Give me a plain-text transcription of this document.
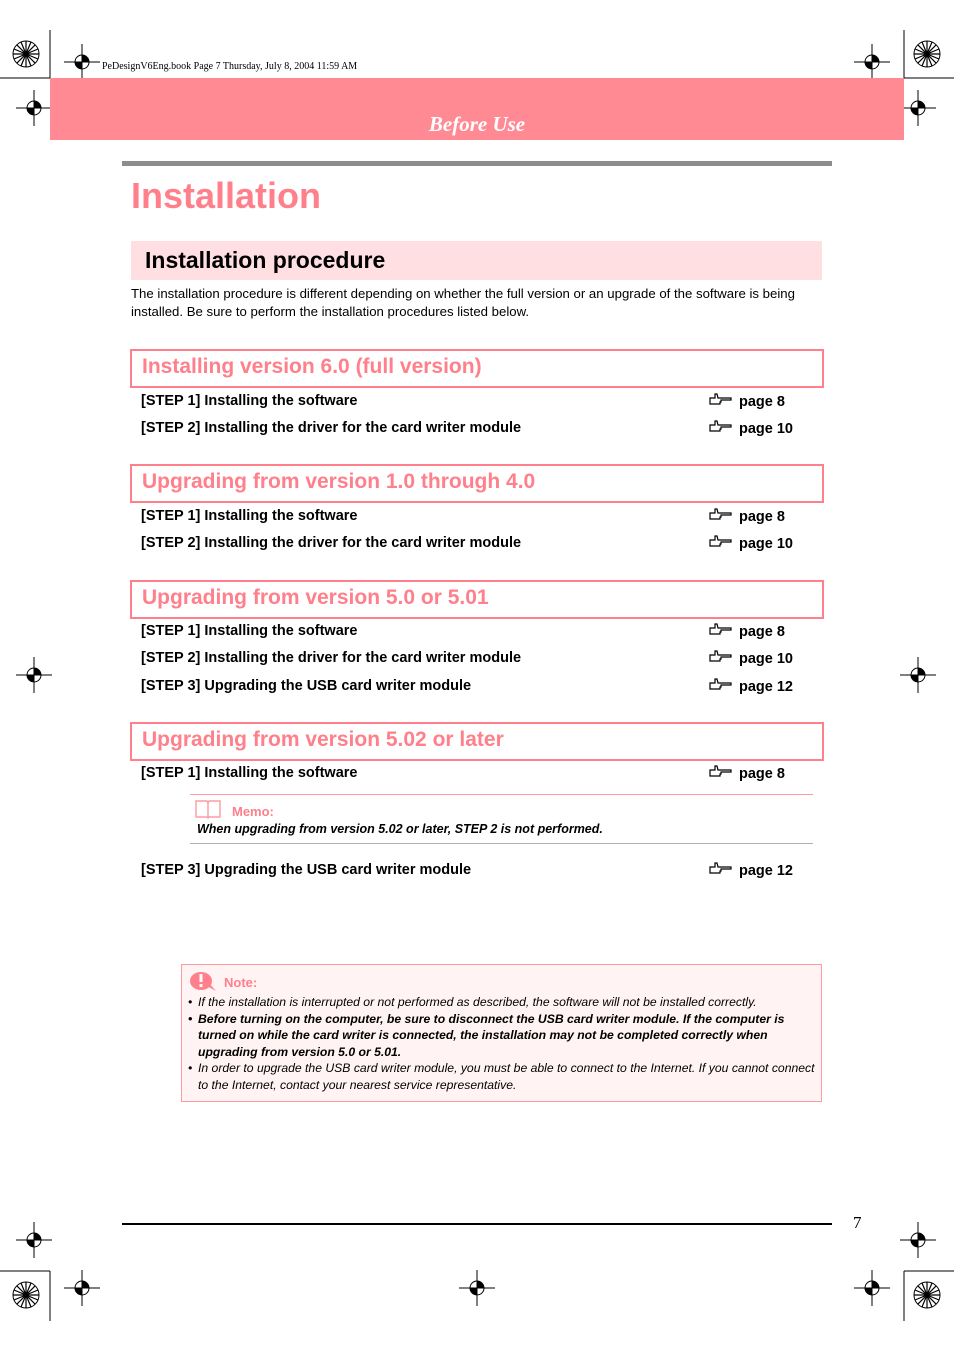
PeDesignV6Eng.book Page 7 Thursday, July 8, 2004 11:59 AM
Before Use
Installation
Installation procedure
The installation procedure is different depending on whether the full version or an upgrade of the software is being installed. Be sure to perform the installation procedures listed below.
Installing version 6.0 (full version)
[STEP 1] Installing the software	page 8
[STEP 2] Installing the driver for the card writer module	page 10
Upgrading from version 1.0 through 4.0
[STEP 1] Installing the software	page 8
[STEP 2] Installing the driver for the card writer module	page 10
Upgrading from version 5.0 or 5.01
[STEP 1] Installing the software	page 8
[STEP 2] Installing the driver for the card writer module	page 10
[STEP 3] Upgrading the USB card writer module	page 12
Upgrading from version 5.02 or later
[STEP 1] Installing the software	page 8
Memo:
When upgrading from version 5.02 or later, STEP 2 is not performed.
[STEP 3] Upgrading the USB card writer module	page 12
Note:
• If the installation is interrupted or not performed as described, the software will not be installed correctly.
• Before turning on the computer, be sure to disconnect the USB card writer module. If the computer is turned on while the card writer is connected, the installation may not be completed correctly when upgrading from version 5.0 or 5.01.
• In order to upgrade the USB card writer module, you must be able to connect to the Internet. If you cannot connect to the Internet, contact your nearest service representative.
7
